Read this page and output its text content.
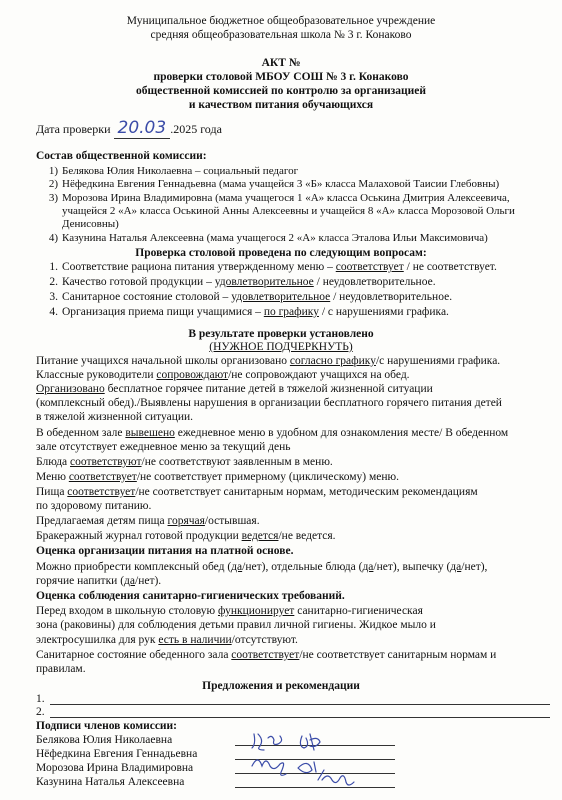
Муниципальное бюджетное общеобразовательное учреждение
средняя общеобразовательная школа № 3 г. Конаково
АКТ №
проверки столовой МБОУ СОШ № 3 г. Конаково
общественной комиссией по контролю за организацией
и качеством питания обучающихся
Дата проверки 20.03 .2025 года
Состав общественной комиссии:
1) Белякова Юлия Николаевна – социальный педагог
2) Нёфедкина Евгения Геннадьевна (мама учащейся 3 «Б» класса Малаховой Таисии Глебовны)
3) Морозова Ирина Владимировна (мама учащегося 1 «А» класса Оськина Дмитрия Алексеевича,
учащейся 2 «А» класса Оськиной Анны Алексеевны и учащейся 8 «А» класса Морозовой Ольги
Денисовны)
4) Казунина Наталья Алексеевна (мама учащегося 2 «А» класса Эталова Ильи Максимовича)
Проверка столовой проведена по следующим вопросам:
1. Соответствие рациона питания утвержденному меню – соответствует / не соответствует.
2. Качество готовой продукции – удовлетворительное / неудовлетворительное.
3. Санитарное состояние столовой – удовлетворительное / неудовлетворительное.
4. Организация приема пищи учащимися – по графику / с нарушениями графика.
В результате проверки установлено
(НУЖНОЕ ПОДЧЕРКНУТЬ)
Питание учащихся начальной школы организовано согласно графику/с нарушениями графика.
Классные руководители сопровождают/не сопровождают учащихся на обед.
Организовано бесплатное горячее питание детей в тяжелой жизненной ситуации
(комплексный обед)./Выявлены нарушения в организации бесплатного горячего питания детей
в тяжелой жизненной ситуации.
В обеденном зале вывешено ежедневное меню в удобном для ознакомления месте/ В обеденном
зале отсутствует ежедневное меню за текущий день
Блюда соответствуют/не соответствуют заявленным в меню.
Меню соответствует/не соответствует примерному (циклическому) меню.
Пища соответствует/не соответствует санитарным нормам, методическим рекомендациям
по здоровому питанию.
Предлагаемая детям пища горячая/остывшая.
Бракеражный журнал готовой продукции ведется/не ведется.
Оценка организации питания на платной основе.
Можно приобрести комплексный обед (да/нет), отдельные блюда (да/нет), выпечку (да/нет),
горячие напитки (да/нет).
Оценка соблюдения санитарно-гигиенических требований.
Перед входом в школьную столовую функционирует санитарно-гигиеническая
зона (раковины) для соблюдения детьми правил личной гигиены. Жидкое мыло и
электросушилка для рук есть в наличии/отсутствуют.
Санитарное состояние обеденного зала соответствует/не соответствует санитарным нормам и
правилам.
Предложения и рекомендации
1.
2.
Подписи членов комиссии:
Белякова Юлия Николаевна
Нёфедкина Евгения Геннадьевна
Морозова Ирина Владимировна
Казунина Наталья Алексеевна
